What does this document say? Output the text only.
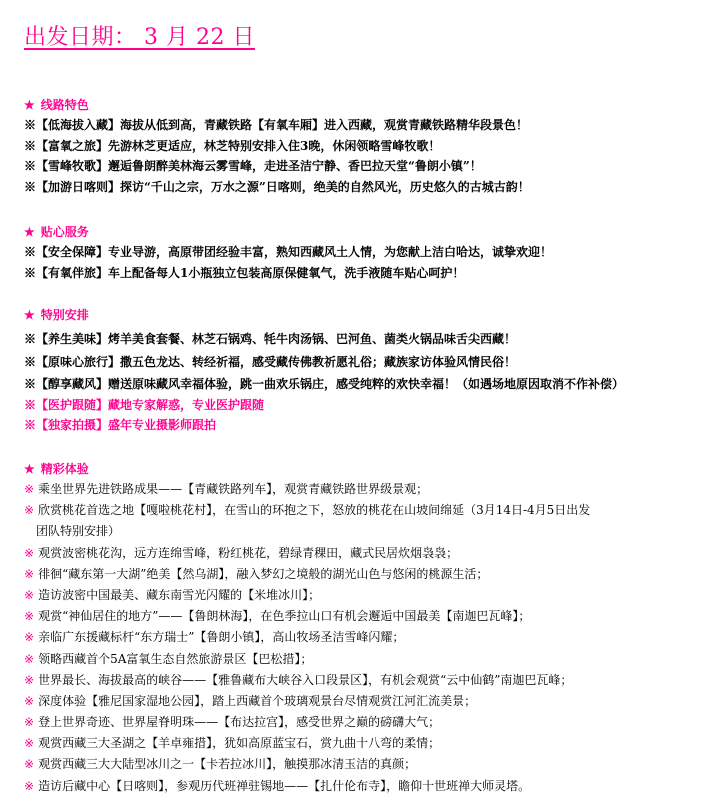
出发日期： 3 月 22 日
★ 线路特色
※【低海拔入藏】海拔从低到高，青藏铁路【有氧车厢】进入西藏，观赏青藏铁路精华段景色！
※【富氧之旅】先游林芝更适应，林芝特别安排入住3晚，休闲领略雪峰牧歌！
※【雪峰牧歌】邂逅鲁朗醉美林海云雾雪峰，走进圣洁宁静、香巴拉天堂“鲁朗小镇”！
※【加游日喀则】探访“千山之宗，万水之源”日喀则，绝美的自然风光，历史悠久的古城古韵！
★ 贴心服务
※【安全保障】专业导游，高原带团经验丰富，熟知西藏风土人情，为您献上洁白哈达，诚挚欢迎！
※【有氧伴旅】车上配备每人1小瓶独立包装高原保健氧气，洗手液随车贴心呵护！
★ 特别安排
※【养生美味】烤羊美食套餐、林芝石锅鸡、牦牛肉汤锅、巴河鱼、菌类火锅品味舌尖西藏！
※【原味心旅行】撒五色龙达、转经祈福，感受藏传佛教祈愿礼俗；藏族家访体验风情民俗！
※【醇享藏风】赠送原味藏风幸福体验，跳一曲欢乐锅庄，感受纯粹的欢快幸福！（如遇场地原因取消不作补偿）
※【医护跟随】藏地专家解惑，专业医护跟随
※【独家拍摄】盛年专业摄影师跟拍
★ 精彩体验
※ 乘坐世界先进铁路成果——【青藏铁路列车】，观赏青藏铁路世界级景观；
※ 欣赏桃花首选之地【嘎啦桃花村】，在雪山的环抱之下，怒放的桃花在山坡间绵延（3月14日-4月5日出发
团队特别安排）
※ 观赏波密桃花沟，远方连绵雪峰，粉红桃花，碧绿青稞田，藏式民居炊烟袅袅；
※ 徘徊“藏东第一大湖”绝美【然乌湖】，融入梦幻之境般的湖光山色与悠闲的桃源生活；
※ 造访波密中国最美、藏东南雪光闪耀的【米堆冰川】；
※ 观赏“神仙居住的地方”——【鲁朗林海】，在色季拉山口有机会邂逅中国最美【南迦巴瓦峰】；
※ 亲临广东援藏标杆“东方瑞士”【鲁朗小镇】，高山牧场圣洁雪峰闪耀；
※ 领略西藏首个5A富氧生态自然旅游景区【巴松措】；
※ 世界最长、海拔最高的峡谷——【雅鲁藏布大峡谷入口段景区】，有机会观赏“云中仙鹤”南迦巴瓦峰；
※ 深度体验【雅尼国家湿地公园】，踏上西藏首个玻璃观景台尽情观赏江河汇流美景；
※ 登上世界奇迹、世界屋脊明珠——【布达拉宫】，感受世界之巅的磅礴大气；
※ 观赏西藏三大圣湖之【羊卓雍措】，犹如高原蓝宝石，赏九曲十八弯的柔情；
※ 观赏西藏三大大陆型冰川之一【卡若拉冰川】，触摸那冰清玉洁的真颜；
※ 造访后藏中心【日喀则】，参观历代班禅驻锡地——【扎什伦布寺】，瞻仰十世班禅大师灵塔。
